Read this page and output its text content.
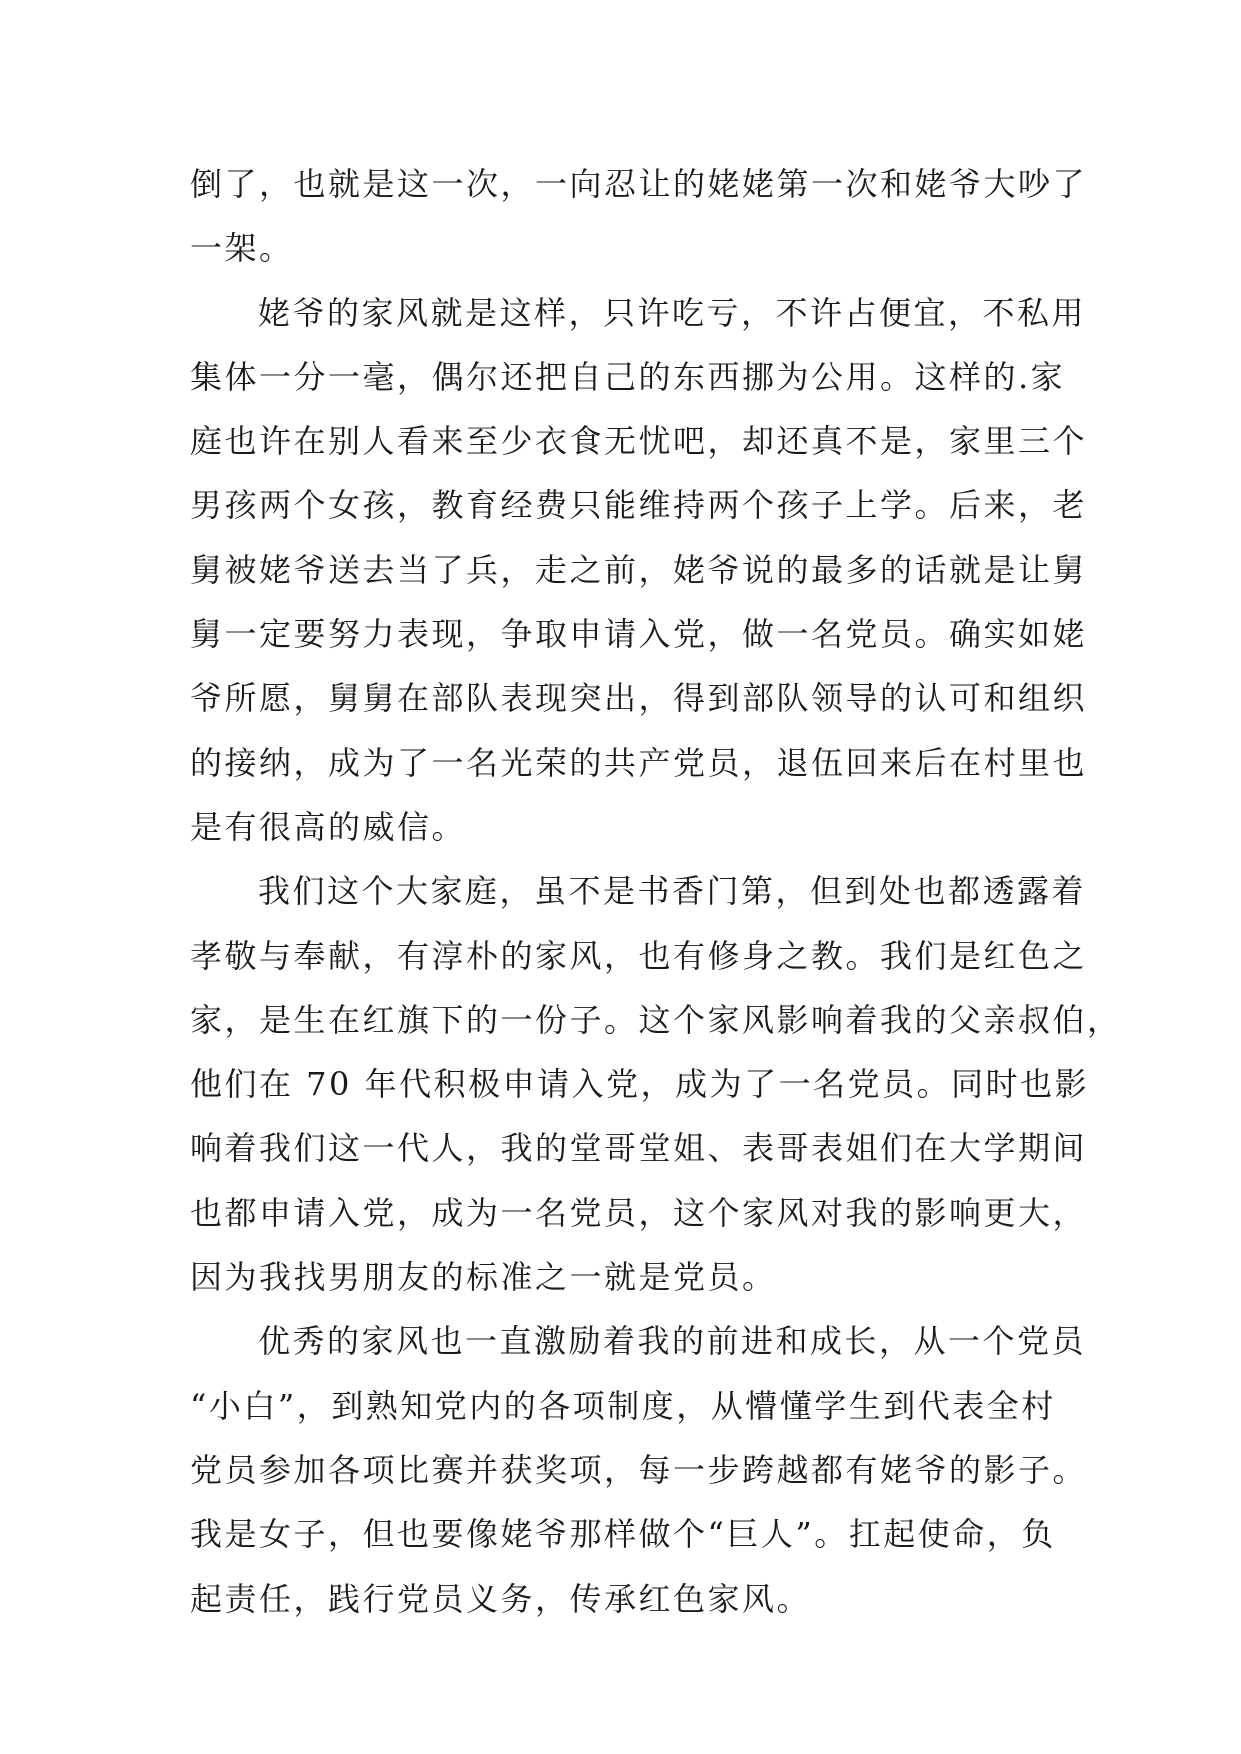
倒了，也就是这一次，一向忍让的姥姥第一次和姥爷大吵了
一架。
姥爷的家风就是这样，只许吃亏，不许占便宜，不私用
集体一分一毫，偶尔还把自己的东西挪为公用。这样的.家
庭也许在别人看来至少衣食无忧吧，却还真不是，家里三个
男孩两个女孩，教育经费只能维持两个孩子上学。后来，老
舅被姥爷送去当了兵，走之前，姥爷说的最多的话就是让舅
舅一定要努力表现，争取申请入党，做一名党员。确实如姥
爷所愿，舅舅在部队表现突出，得到部队领导的认可和组织
的接纳，成为了一名光荣的共产党员，退伍回来后在村里也
是有很高的威信。
我们这个大家庭，虽不是书香门第，但到处也都透露着
孝敬与奉献，有淳朴的家风，也有修身之教。我们是红色之
家，是生在红旗下的一份子。这个家风影响着我的父亲叔伯，
他们在 70 年代积极申请入党，成为了一名党员。同时也影
响着我们这一代人，我的堂哥堂姐、表哥表姐们在大学期间
也都申请入党，成为一名党员，这个家风对我的影响更大，
因为我找男朋友的标准之一就是党员。
优秀的家风也一直激励着我的前进和成长，从一个党员
“小白”，到熟知党内的各项制度，从懵懂学生到代表全村
党员参加各项比赛并获奖项，每一步跨越都有姥爷的影子。
我是女子，但也要像姥爷那样做个“巨人”。扛起使命，负
起责任，践行党员义务，传承红色家风。
